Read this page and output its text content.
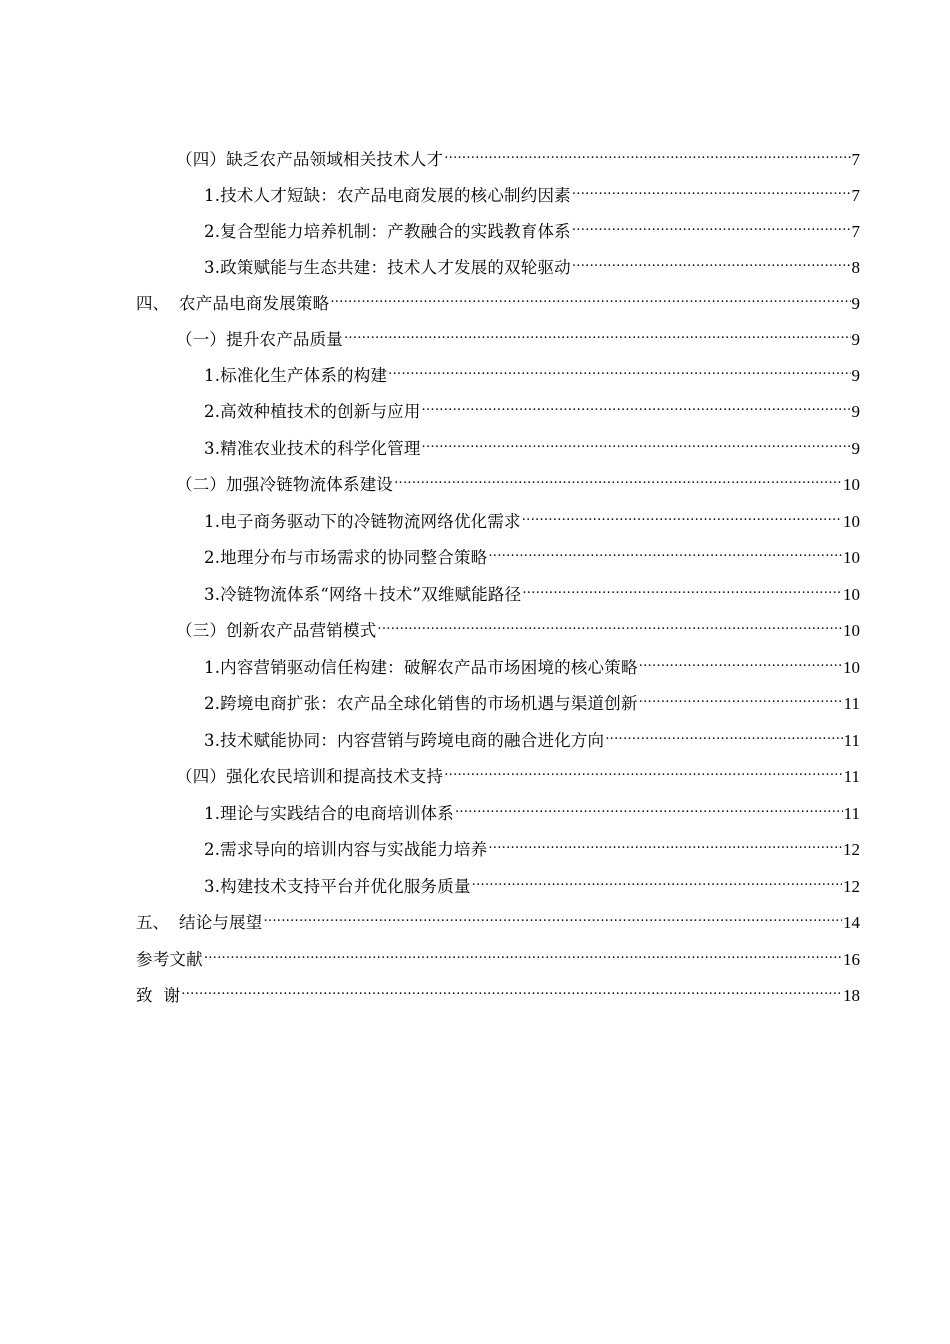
（四）缺乏农产品领域相关技术人才 .....	7
1.技术人才短缺：农产品电商发展的核心制约因素 .....	7
2.复合型能力培养机制：产教融合的实践教育体系 .....	7
3.政策赋能与生态共建：技术人才发展的双轮驱动 .....	8
四、 农产品电商发展策略 .....	9
（一）提升农产品质量 .....	9
1.标准化生产体系的构建 .....	9
2.高效种植技术的创新与应用 .....	9
3.精准农业技术的科学化管理 .....	9
（二）加强冷链物流体系建设 .....	10
1.电子商务驱动下的冷链物流网络优化需求 .....	10
2.地理分布与市场需求的协同整合策略 .....	10
3.冷链物流体系“网络＋技术”双维赋能路径 .....	10
（三）创新农产品营销模式 .....	10
1.内容营销驱动信任构建：破解农产品市场困境的核心策略 .....	10
2.跨境电商扩张：农产品全球化销售的市场机遇与渠道创新 .....	11
3.技术赋能协同：内容营销与跨境电商的融合进化方向 .....	11
（四）强化农民培训和提高技术支持 .....	11
1.理论与实践结合的电商培训体系 .....	11
2.需求导向的培训内容与实战能力培养 .....	12
3.构建技术支持平台并优化服务质量 .....	12
五、 结论与展望 .....	14
参考文献 .....	16
致  谢 .....	18
